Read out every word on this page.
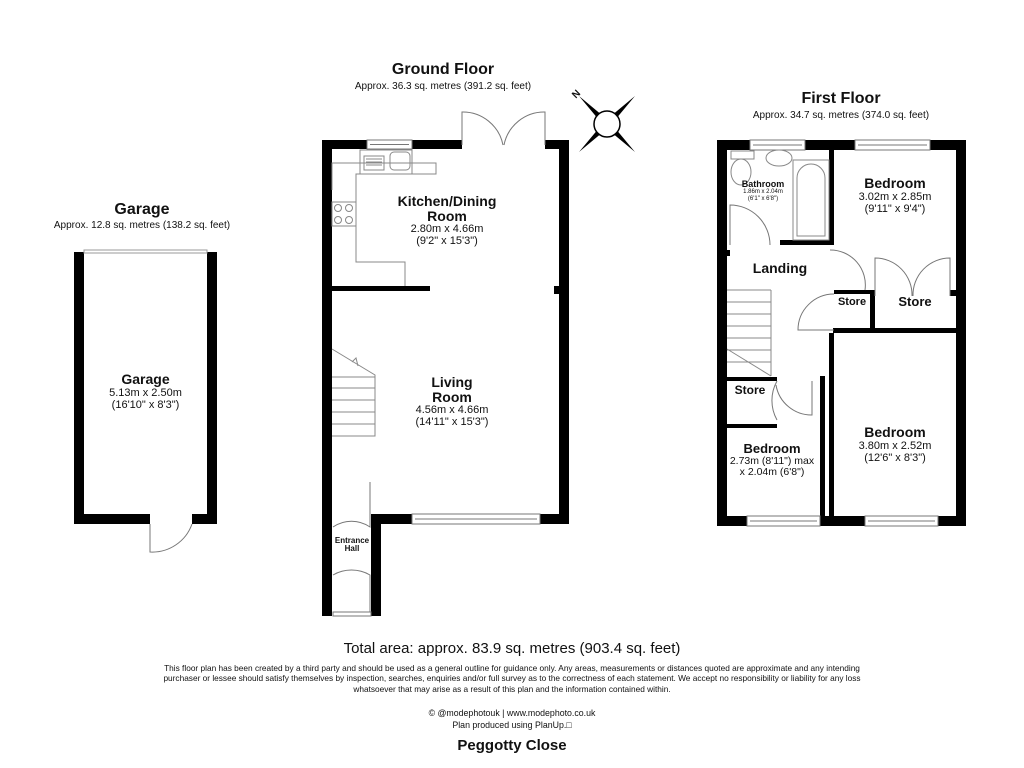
N
Garage
Approx. 12.8 sq. metres (138.2 sq. feet)
Ground Floor
Approx. 36.3 sq. metres (391.2 sq. feet)
First Floor
Approx. 34.7 sq. metres (374.0 sq. feet)
Garage
5.13m x 2.50m
(16'10" x 8'3")
Kitchen/Dining
Room
2.80m x 4.66m
(9'2" x 15'3")
Living
Room
4.56m x 4.66m
(14'11" x 15'3")
Entrance
Hall
Bathroom
1.86m x 2.04m
(6'1" x 6'8")
Bedroom
3.02m x 2.85m
(9'11" x 9'4")
Landing
Store	Store
Store
Bedroom
2.73m (8'11") max
x 2.04m (6'8")
Bedroom
3.80m x 2.52m
(12'6" x 8'3")
Total area: approx. 83.9 sq. metres (903.4 sq. feet)
This floor plan has been created by a third party and should be used as a general outline for guidance only. Any areas, measurements or distances quoted are approximate and any intending purchaser or lessee should satisfy themselves by inspection, searches, enquiries and/or full survey as to the correctness of each statement. We accept no responsibility or liability for any loss whatsoever that may arise as a result of this plan and the information contained within.
© @modephotouk | www.modephoto.co.uk
Plan produced using PlanUp.□
Peggotty Close
